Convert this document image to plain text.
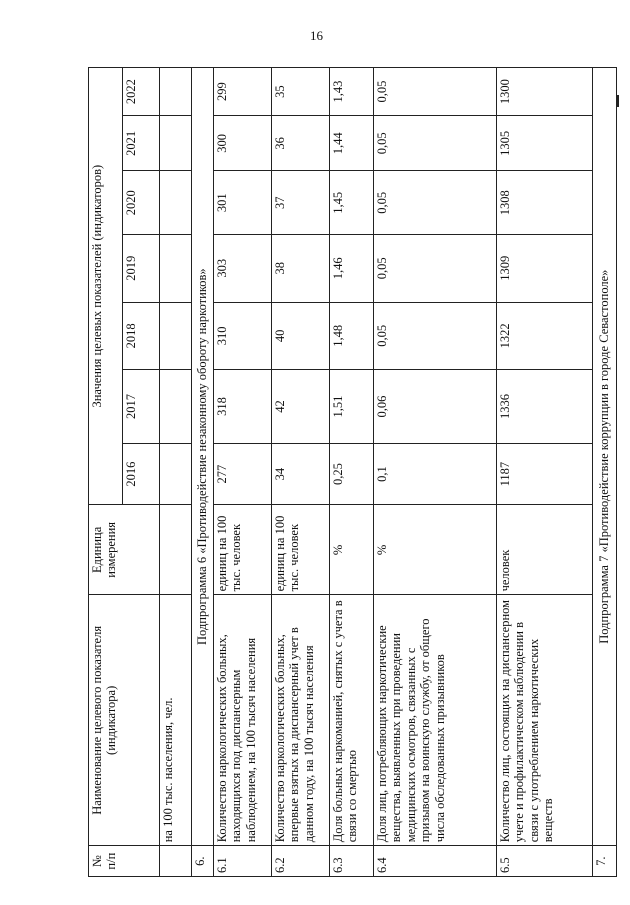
16
№ п/п	Наименование целевого показателя (индикатора)	Единица измерения	Значения целевых показателей (индикаторов)						
			2016	2017	2018	2019	2020	2021	2022
	на 100 тыс. населения, чел.								
6.	Подпрограмма 6 «Противодействие незаконному обороту наркотиков»								
6.1	Количество наркологических больных, находящихся под диспансерным наблюдением, на 100 тысяч населения	единиц на 100 тыс. человек	277	318	310	303	301	300	299
6.2	Количество наркологических больных, впервые взятых на диспансерный учет в данном году, на 100 тысяч населения	единиц на 100 тыс. человек	34	42	40	38	37	36	35
6.3	Доля больных наркоманией, снятых с учета в связи со смертью	%	0,25	1,51	1,48	1,46	1,45	1,44	1,43
6.4	Доля лиц, потребляющих наркотические вещества, выявленных при проведении медицинских осмотров, связанных с призывом на воинскую службу, от общего числа обследованных призывников	%	0,1	0,06	0,05	0,05	0,05	0,05	0,05
6.5	Количество лиц, состоящих на диспансерном учете и профилактическом наблюдении в связи с употреблением наркотических веществ	человек	1187	1336	1322	1309	1308	1305	1300
7.	Подпрограмма 7 «Противодействие коррупции в городе Севастополе»								
